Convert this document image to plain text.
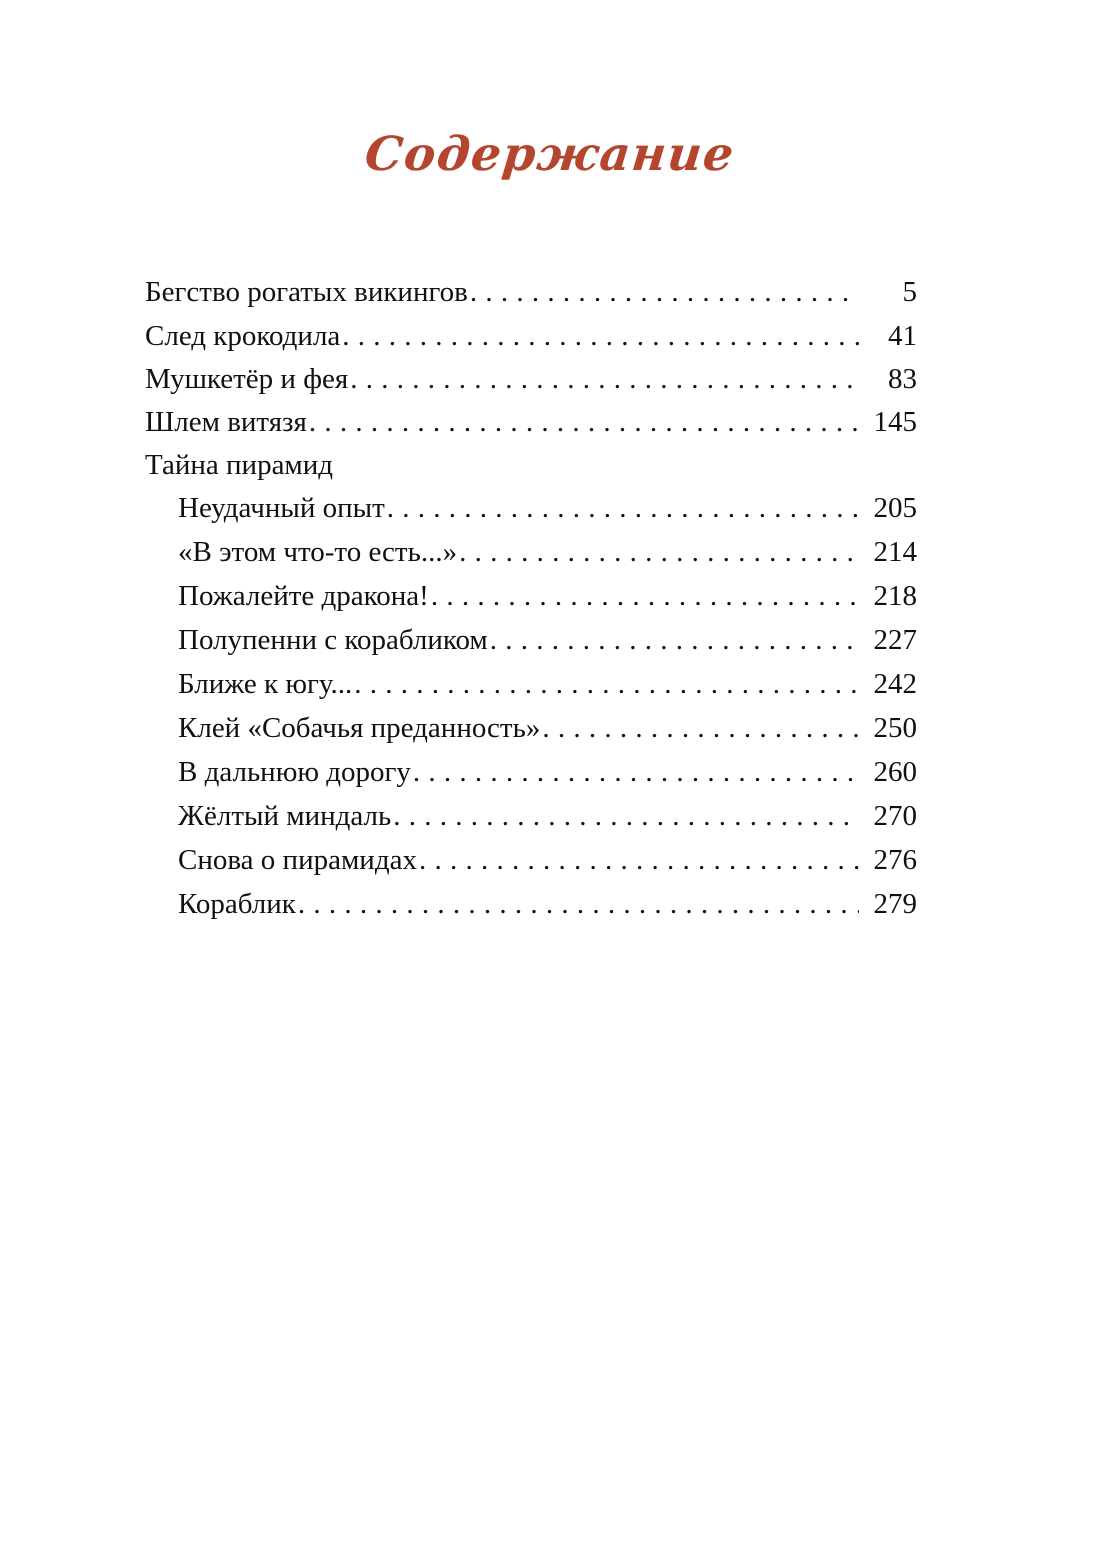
Содержание
Бегство рогатых викингов . . .	5
След крокодила . . .	41
Мушкетёр и фея . . .	83
Шлем витязя . . .	145
Тайна пирамид
Неудачный опыт . . .	205
«В этом что-то есть...» . . .	214
Пожалейте дракона! . . .	218
Полупенни с корабликом . . .	227
Ближе к югу... . . .	242
Клей «Собачья преданность» . . .	250
В дальнюю дорогу . . .	260
Жёлтый миндаль . . .	270
Снова о пирамидах . . .	276
Кораблик . . .	279
